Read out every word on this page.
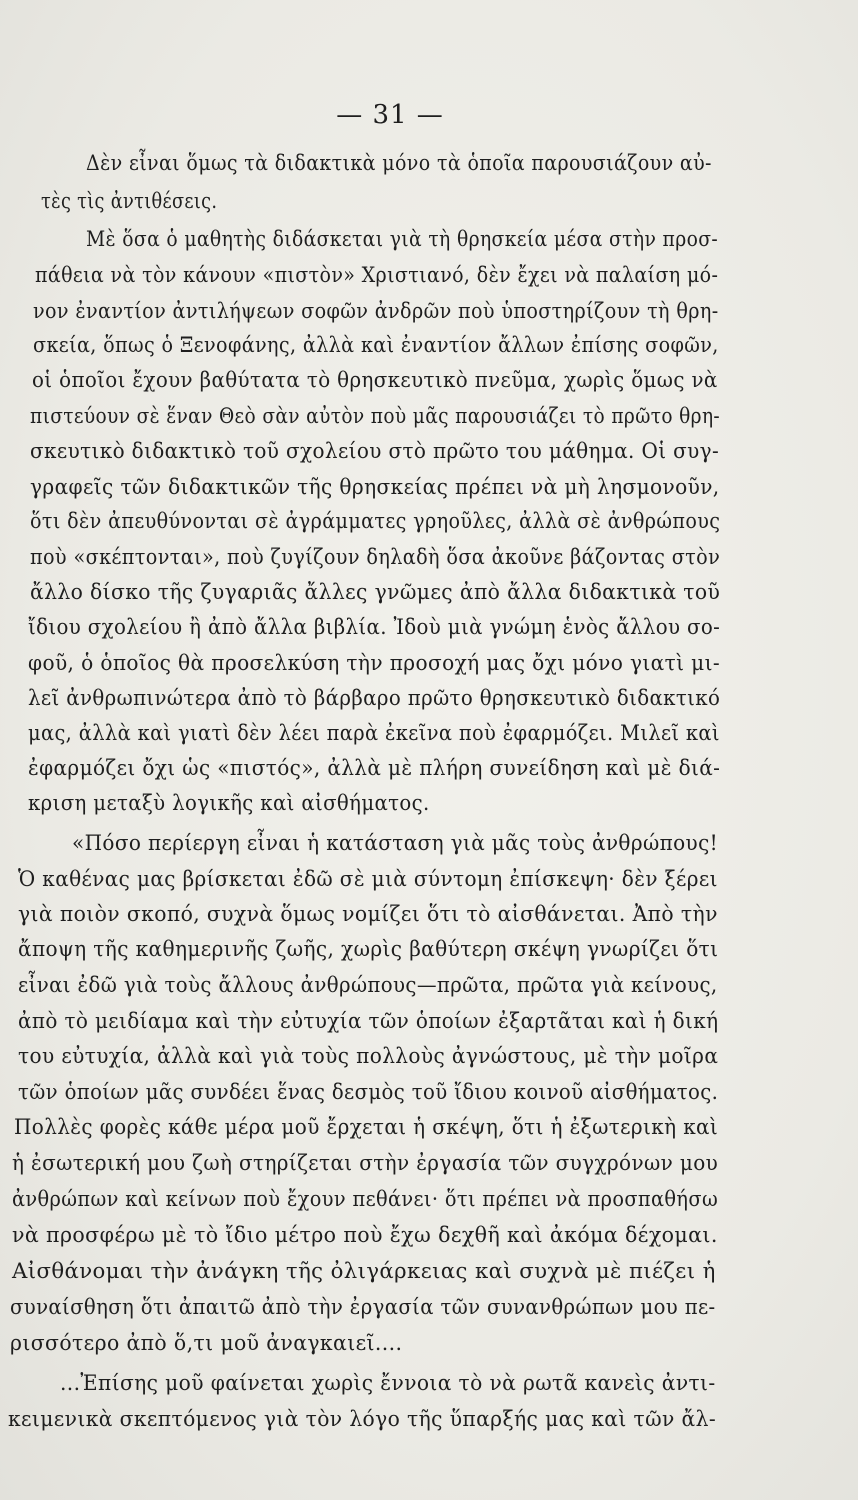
— 31 —
Δὲν εἶναι ὅμως τὰ διδακτικὰ μόνο τὰ ὁποῖα παρουσιάζουν αὐ-
τὲς τὶς ἀντιθέσεις.
Μὲ ὅσα ὁ μαθητὴς διδάσκεται γιὰ τὴ θρησκεία μέσα στὴν προσ-
πάθεια νὰ τὸν κάνουν «πιστὸν» Χριστιανό, δὲν ἔχει νὰ παλαίση μό-
νον ἐναντίον ἀντιλήψεων σοφῶν ἀνδρῶν ποὺ ὑποστηρίζουν τὴ θρη-
σκεία, ὅπως ὁ Ξενοφάνης, ἀλλὰ καὶ ἐναντίον ἄλλων ἐπίσης σοφῶν,
οἱ ὁποῖοι ἔχουν βαθύτατα τὸ θρησκευτικὸ πνεῦμα, χωρὶς ὅμως νὰ
πιστεύουν σὲ ἕναν Θεὸ σὰν αὐτὸν ποὺ μᾶς παρουσιάζει τὸ πρῶτο θρη-
σκευτικὸ διδακτικὸ τοῦ σχολείου στὸ πρῶτο του μάθημα. Οἱ συγ-
γραφεῖς τῶν διδακτικῶν τῆς θρησκείας πρέπει νὰ μὴ λησμονοῦν,
ὅτι δὲν ἀπευθύνονται σὲ ἀγράμματες γρηοῦλες, ἀλλὰ σὲ ἀνθρώπους
ποὺ «σκέπτονται», ποὺ ζυγίζουν δηλαδὴ ὅσα ἀκοῦνε βάζοντας στὸν
ἄλλο δίσκο τῆς ζυγαριᾶς ἄλλες γνῶμες ἀπὸ ἄλλα διδακτικὰ τοῦ
ἴδιου σχολείου ἢ ἀπὸ ἄλλα βιβλία. Ἰδοὺ μιὰ γνώμη ἑνὸς ἄλλου σο-
φοῦ, ὁ ὁποῖος θὰ προσελκύση τὴν προσοχή μας ὄχι μόνο γιατὶ μι-
λεῖ ἀνθρωπινώτερα ἀπὸ τὸ βάρβαρο πρῶτο θρησκευτικὸ διδακτικό
μας, ἀλλὰ καὶ γιατὶ δὲν λέει παρὰ ἐκεῖνα ποὺ ἐφαρμόζει. Μιλεῖ καὶ
ἐφαρμόζει ὄχι ὡς «πιστός», ἀλλὰ μὲ πλήρη συνείδηση καὶ μὲ διά-
κριση μεταξὺ λογικῆς καὶ αἰσθήματος.
«Πόσο περίεργη εἶναι ἡ κατάσταση γιὰ μᾶς τοὺς ἀνθρώπους!
Ὁ καθένας μας βρίσκεται ἐδῶ σὲ μιὰ σύντομη ἐπίσκεψη· δὲν ξέρει
γιὰ ποιὸν σκοπό, συχνὰ ὅμως νομίζει ὅτι τὸ αἰσθάνεται. Ἀπὸ τὴν
ἄποψη τῆς καθημερινῆς ζωῆς, χωρὶς βαθύτερη σκέψη γνωρίζει ὅτι
εἶναι ἐδῶ γιὰ τοὺς ἄλλους ἀνθρώπους—πρῶτα, πρῶτα γιὰ κείνους,
ἀπὸ τὸ μειδίαμα καὶ τὴν εὐτυχία τῶν ὁποίων ἐξαρτᾶται καὶ ἡ δική
του εὐτυχία, ἀλλὰ καὶ γιὰ τοὺς πολλοὺς ἀγνώστους, μὲ τὴν μοῖρα
τῶν ὁποίων μᾶς συνδέει ἕνας δεσμὸς τοῦ ἴδιου κοινοῦ αἰσθήματος.
Πολλὲς φορὲς κάθε μέρα μοῦ ἔρχεται ἡ σκέψη, ὅτι ἡ ἐξωτερικὴ καὶ
ἡ ἐσωτερική μου ζωὴ στηρίζεται στὴν ἐργασία τῶν συγχρόνων μου
ἀνθρώπων καὶ κείνων ποὺ ἔχουν πεθάνει· ὅτι πρέπει νὰ προσπαθήσω
νὰ προσφέρω μὲ τὸ ἴδιο μέτρο ποὺ ἔχω δεχθῆ καὶ ἀκόμα δέχομαι.
Αἰσθάνομαι τὴν ἀνάγκη τῆς ὀλιγάρκειας καὶ συχνὰ μὲ πιέζει ἡ
συναίσθηση ὅτι ἀπαιτῶ ἀπὸ τὴν ἐργασία τῶν συνανθρώπων μου πε-
ρισσότερο ἀπὸ ὅ,τι μοῦ ἀναγκαιεῖ....
...Ἐπίσης μοῦ φαίνεται χωρὶς ἔννοια τὸ νὰ ρωτᾶ κανεὶς ἀντι-
κειμενικὰ σκεπτόμενος γιὰ τὸν λόγο τῆς ὕπαρξής μας καὶ τῶν ἄλ-
